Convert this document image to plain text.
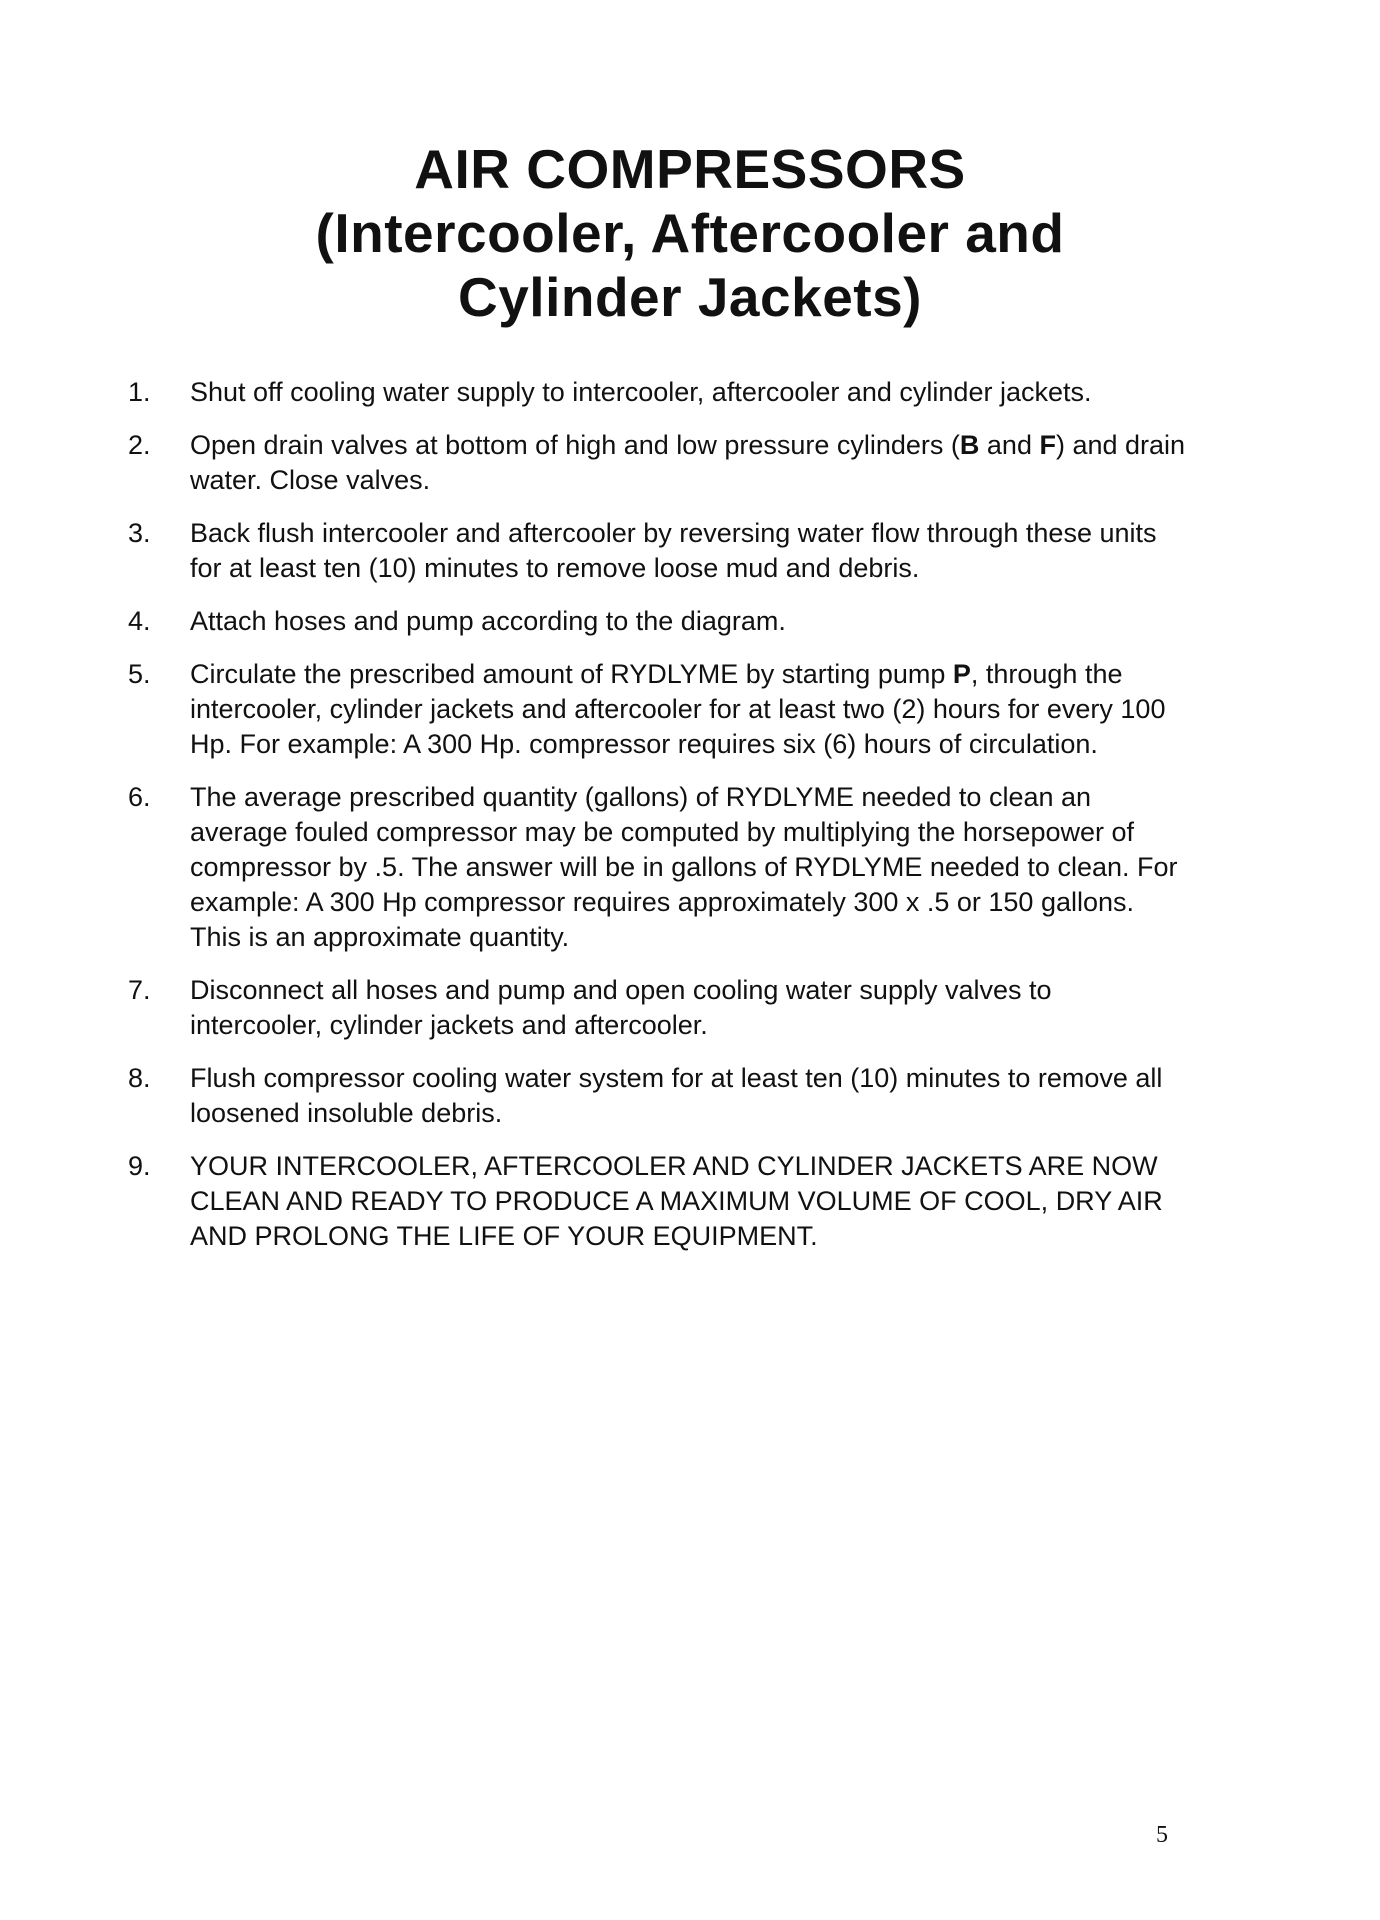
AIR COMPRESSORS
(Intercooler, Aftercooler and
Cylinder Jackets)
1.	Shut off cooling water supply to intercooler, aftercooler and cylinder jackets.
2.	Open drain valves at bottom of high and low pressure cylinders (B and F) and drain water. Close valves.
3.	Back flush intercooler and aftercooler by reversing water flow through these units for at least ten (10) minutes to remove loose mud and debris.
4.	Attach hoses and pump according to the diagram.
5.	Circulate the prescribed amount of RYDLYME by starting pump P, through the intercooler, cylinder jackets and aftercooler for at least two (2) hours for every 100 Hp. For example: A 300 Hp. compressor requires six (6) hours of circulation.
6.	The average prescribed quantity (gallons) of RYDLYME needed to clean an average fouled compressor may be computed by multiplying the horsepower of compressor by .5. The answer will be in gallons of RYDLYME needed to clean. For example: A 300 Hp compressor requires approximately 300 x .5 or 150 gallons. This is an approximate quantity.
7.	Disconnect all hoses and pump and open cooling water supply valves to intercooler, cylinder jackets and aftercooler.
8.	Flush compressor cooling water system for at least ten (10) minutes to remove all loosened insoluble debris.
9.	YOUR INTERCOOLER, AFTERCOOLER AND CYLINDER JACKETS ARE NOW CLEAN AND READY TO PRODUCE A MAXIMUM VOLUME OF COOL, DRY AIR AND PROLONG THE LIFE OF YOUR EQUIPMENT.
5
